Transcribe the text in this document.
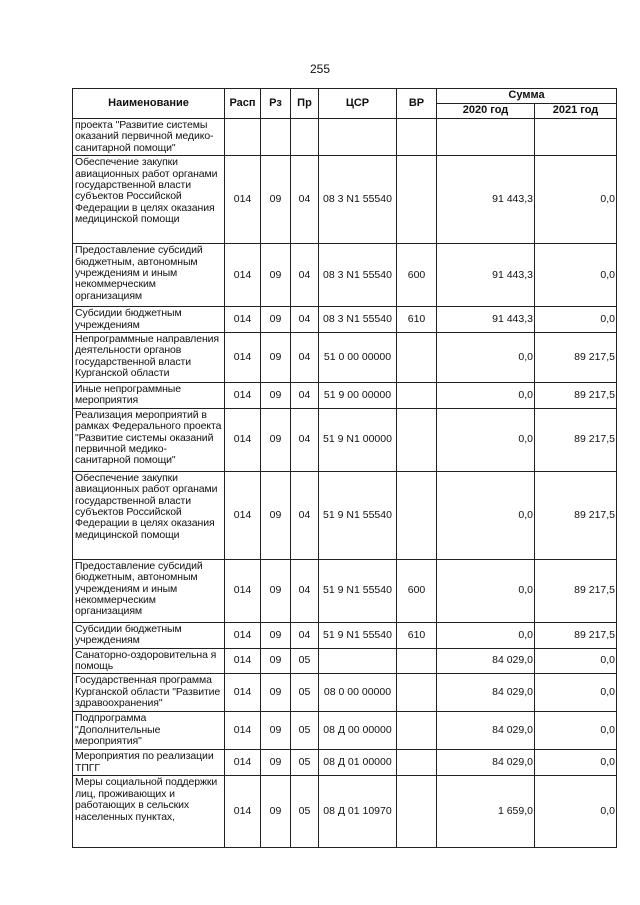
255
Наименование	Расп	Рз	Пр	ЦСР	ВР	Сумма	
						2020 год	2021 год
проекта "Развитие системы оказаний первичной медико-санитарной помощи"							
Обеспечение закупки авиационных работ органами государственной власти субъектов Российской Федерации в целях оказания медицинской помощи	014	09	04	08 3 N1 55540		91 443,3	0,0
Предоставление субсидий бюджетным, автономным учреждениям и иным некоммерческим организациям	014	09	04	08 3 N1 55540	600	91 443,3	0,0
Субсидии бюджетным учреждениям	014	09	04	08 3 N1 55540	610	91 443,3	0,0
Непрограммные направления деятельности органов государственной власти Курганской области	014	09	04	51 0 00 00000		0,0	89 217,5
Иные непрограммные мероприятия	014	09	04	51 9 00 00000		0,0	89 217,5
Реализация мероприятий в рамках Федерального проекта "Развитие системы оказаний первичной медико-санитарной помощи"	014	09	04	51 9 N1 00000		0,0	89 217,5
Обеспечение закупки авиационных работ органами государственной власти субъектов Российской Федерации в целях оказания медицинской помощи	014	09	04	51 9 N1 55540		0,0	89 217,5
Предоставление субсидий бюджетным, автономным учреждениям и иным некоммерческим организациям	014	09	04	51 9 N1 55540	600	0,0	89 217,5
Субсидии бюджетным учреждениям	014	09	04	51 9 N1 55540	610	0,0	89 217,5
Санаторно-оздоровительна я помощь	014	09	05			84 029,0	0,0
Государственная программа Курганской области "Развитие здравоохранения"	014	09	05	08 0 00 00000		84 029,0	0,0
Подпрограмма "Дополнительные мероприятия"	014	09	05	08 Д 00 00000		84 029,0	0,0
Мероприятия по реализации ТПГГ	014	09	05	08 Д 01 00000		84 029,0	0,0
Меры социальной поддержки лиц, проживающих и работающих в сельских населенных пунктах,	014	09	05	08 Д 01 10970		1 659,0	0,0
